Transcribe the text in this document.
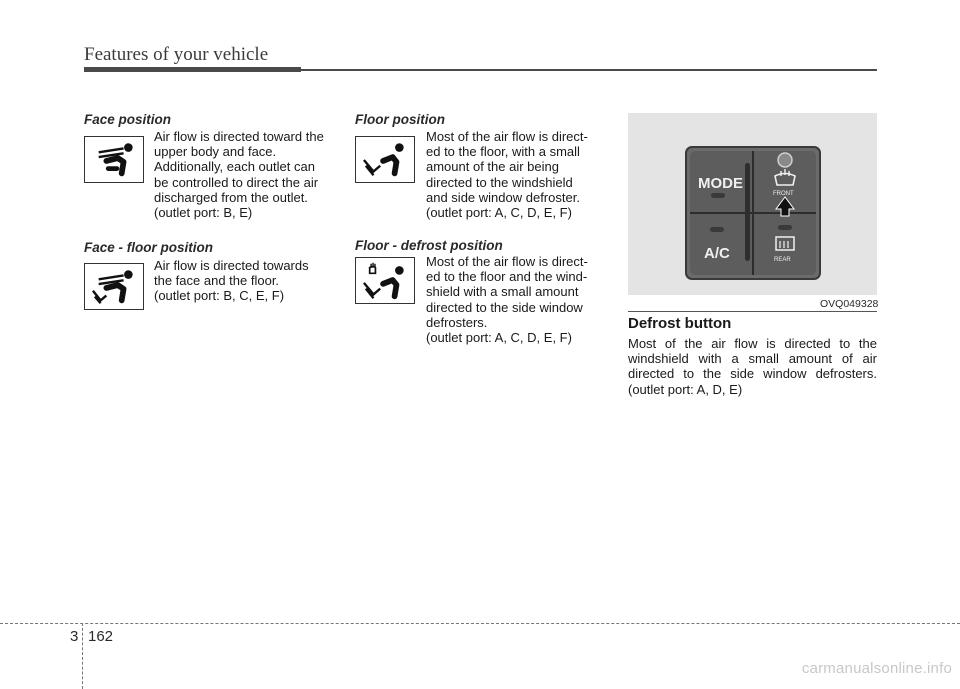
Features of your vehicle
Face position
Air flow is directed toward the
upper body and face.
Additionally, each outlet can
be controlled to direct the air
discharged from the outlet.
(outlet port: B, E)
Face - floor position
Air flow is directed towards
the face and the floor.
(outlet port: B, C, E, F)
Floor position
Most of the air flow is direct-
ed to the floor, with a small
amount of the air being
directed to the windshield
and side window defroster.
(outlet port: A, C, D, E, F)
Floor - defrost position
Most of the air flow is direct-
ed to the floor and the wind-
shield with a small amount
directed to the side window
defrosters.
(outlet port: A, C, D, E, F)
MODE
A/C
FRONT
REAR
OVQ049328
Defrost button
Most of the air flow is directed to the windshield with a small amount of air directed to the side window defrosters. (outlet port: A, D, E)
3 162
carmanualsonline.info
